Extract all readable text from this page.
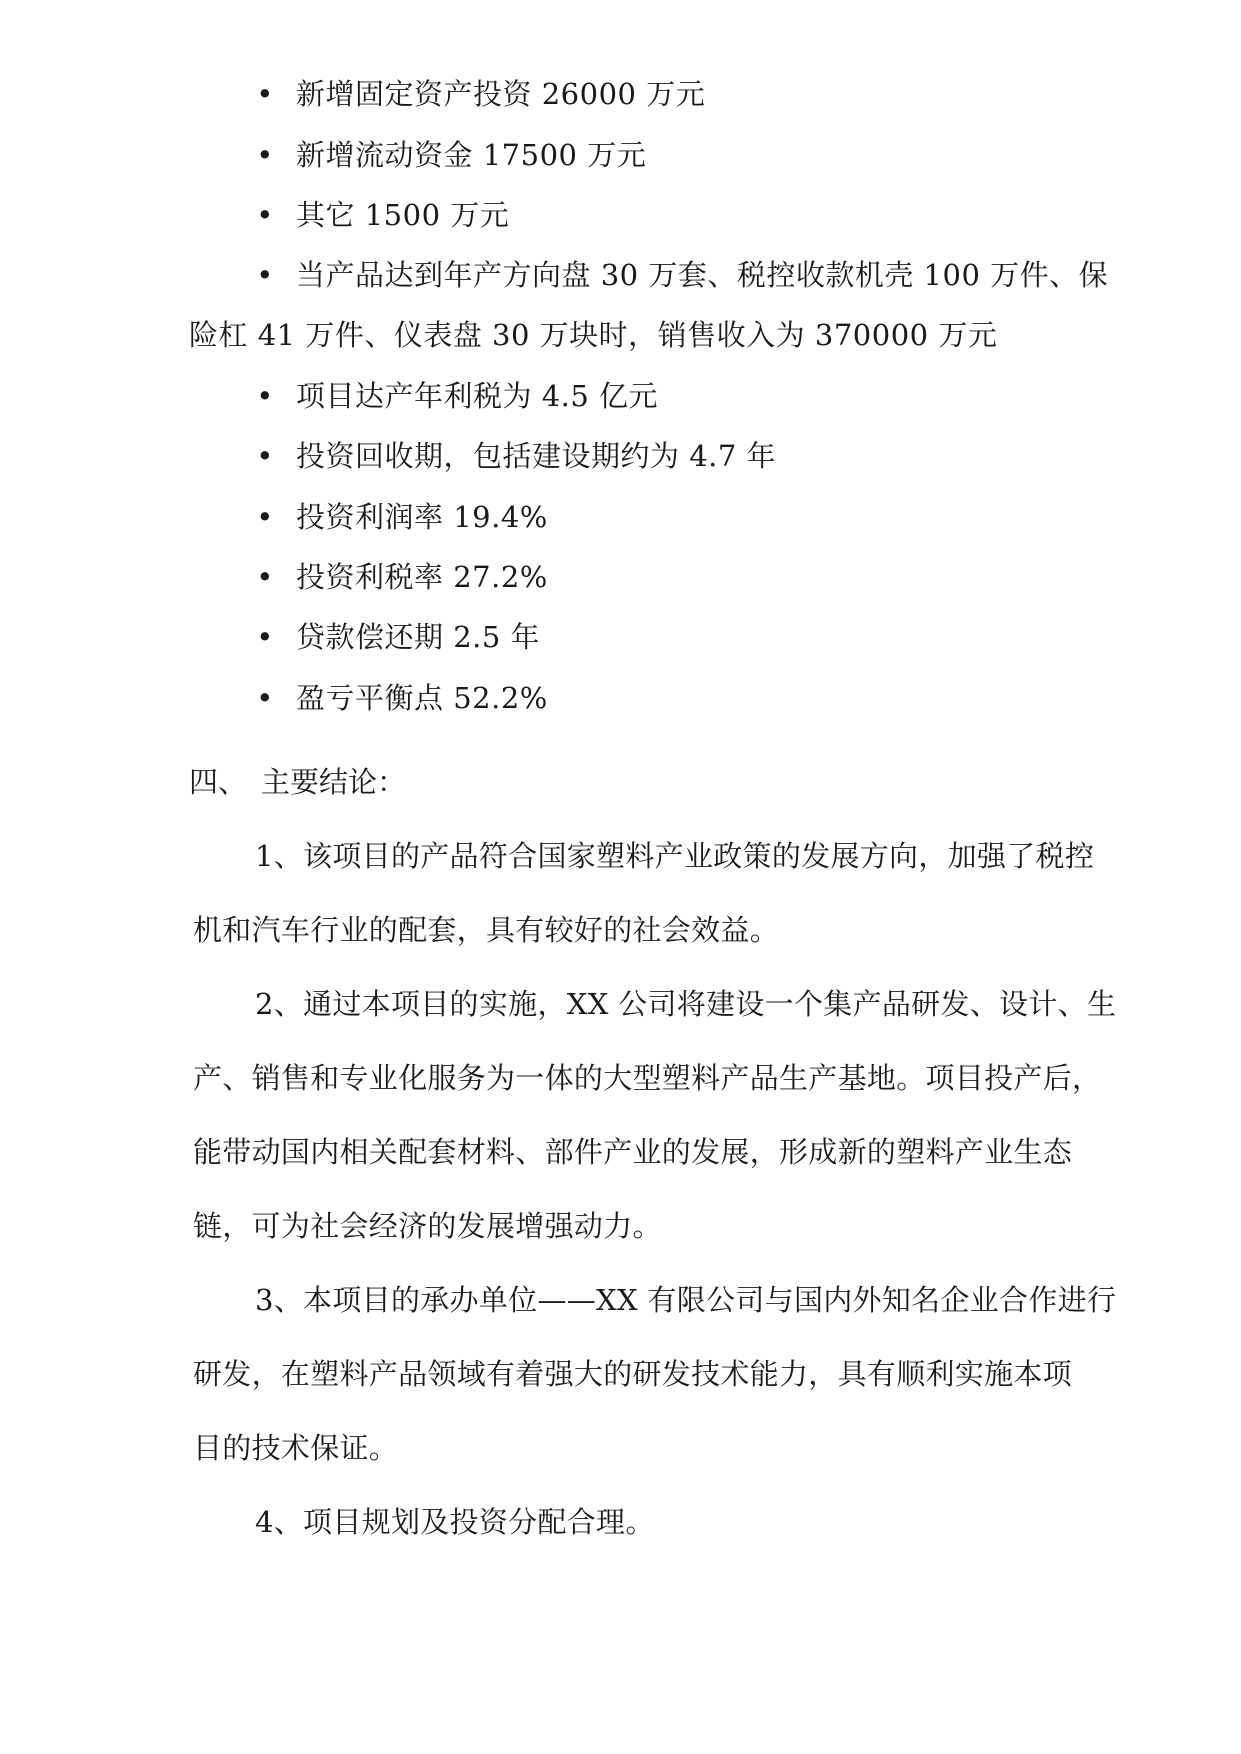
• 新增固定资产投资 26000 万元
• 新增流动资金 17500 万元
• 其它 1500 万元
• 当产品达到年产方向盘 30 万套、税控收款机壳 100 万件、保
险杠 41 万件、仪表盘 30 万块时，销售收入为 370000 万元
• 项目达产年利税为 4.5 亿元
• 投资回收期，包括建设期约为 4.7 年
• 投资利润率 19.4%
• 投资利税率 27.2%
• 贷款偿还期 2.5 年
• 盈亏平衡点 52.2%
四、 主要结论：
1、该项目的产品符合国家塑料产业政策的发展方向，加强了税控
机和汽车行业的配套，具有较好的社会效益。
2、通过本项目的实施，XX 公司将建设一个集产品研发、设计、生
产、销售和专业化服务为一体的大型塑料产品生产基地。项目投产后，
能带动国内相关配套材料、部件产业的发展，形成新的塑料产业生态
链，可为社会经济的发展增强动力。
3、本项目的承办单位——XX 有限公司与国内外知名企业合作进行
研发，在塑料产品领域有着强大的研发技术能力，具有顺利实施本项
目的技术保证。
4、项目规划及投资分配合理。
